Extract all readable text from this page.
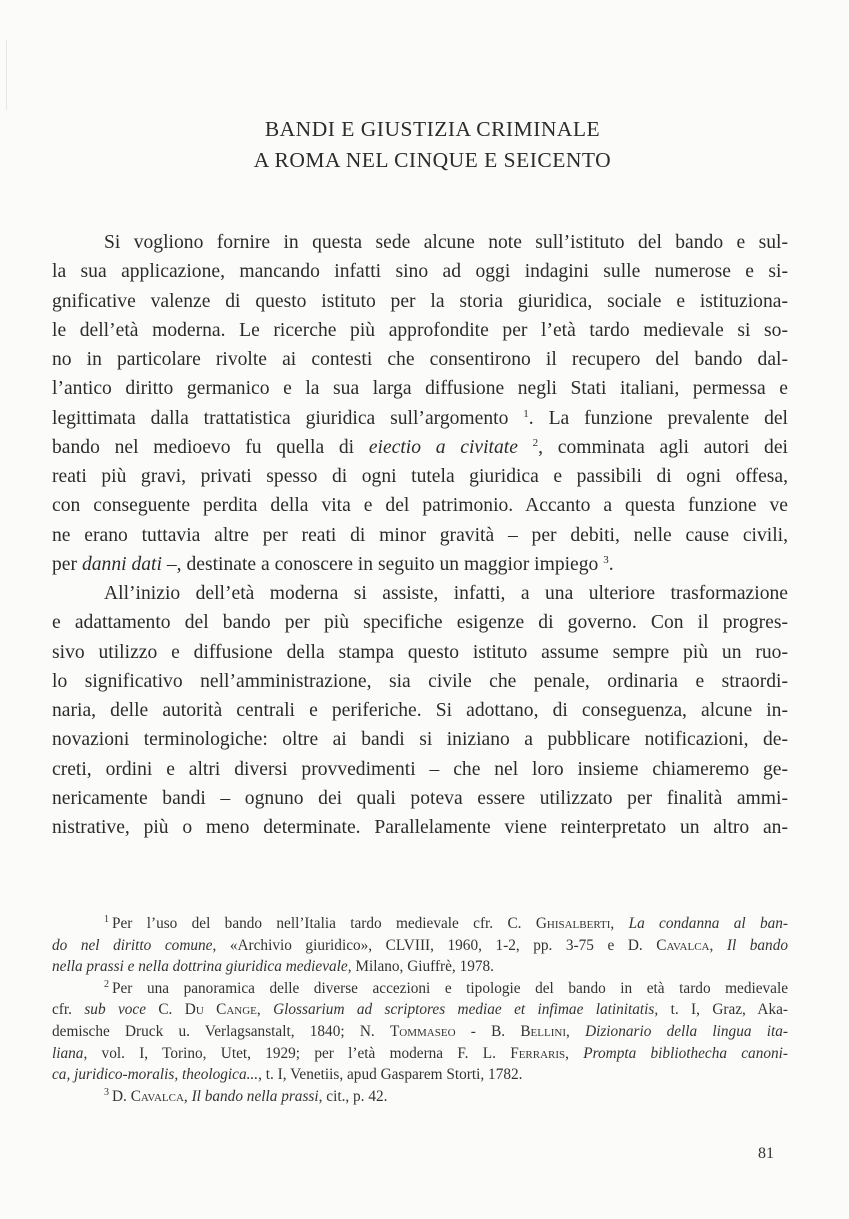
BANDI E GIUSTIZIA CRIMINALE
A ROMA NEL CINQUE E SEICENTO
Si vogliono fornire in questa sede alcune note sull’istituto del bando e sul-
la sua applicazione, mancando infatti sino ad oggi indagini sulle numerose e si-
gnificative valenze di questo istituto per la storia giuridica, sociale e istituziona-
le dell’età moderna. Le ricerche più approfondite per l’età tardo medievale si so-
no in particolare rivolte ai contesti che consentirono il recupero del bando dal-
l’antico diritto germanico e la sua larga diffusione negli Stati italiani, permessa e
legittimata dalla trattatistica giuridica sull’argomento $^1$. La funzione prevalente del
bando nel medioevo fu quella di eiectio a civitate $^2$, comminata agli autori dei
reati più gravi, privati spesso di ogni tutela giuridica e passibili di ogni offesa,
con conseguente perdita della vita e del patrimonio. Accanto a questa funzione ve
ne erano tuttavia altre per reati di minor gravità – per debiti, nelle cause civili,
per danni dati –, destinate a conoscere in seguito un maggior impiego $^3$.
All’inizio dell’età moderna si assiste, infatti, a una ulteriore trasformazione
e adattamento del bando per più specifiche esigenze di governo. Con il progres-
sivo utilizzo e diffusione della stampa questo istituto assume sempre più un ruo-
lo significativo nell’amministrazione, sia civile che penale, ordinaria e straordi-
naria, delle autorità centrali e periferiche. Si adottano, di conseguenza, alcune in-
novazioni terminologiche: oltre ai bandi si iniziano a pubblicare notificazioni, de-
creti, ordini e altri diversi provvedimenti – che nel loro insieme chiameremo ge-
nericamente bandi – ognuno dei quali poteva essere utilizzato per finalità ammi-
nistrative, più o meno determinate. Parallelamente viene reinterpretato un altro an-
$^1$ Per l’uso del bando nell’Italia tardo medievale cfr. C. Ghisalberti, La condanna al ban-
do nel diritto comune, «Archivio giuridico», CLVIII, 1960, 1-2, pp. 3-75 e D. Cavalca, Il bando
nella prassi e nella dottrina giuridica medievale, Milano, Giuffrè, 1978.
$^2$ Per una panoramica delle diverse accezioni e tipologie del bando in età tardo medievale
cfr. sub voce C. Du Cange, Glossarium ad scriptores mediae et infimae latinitatis, t. I, Graz, Aka-
demische Druck u. Verlagsanstalt, 1840; N. Tommaseo - B. Bellini, Dizionario della lingua ita-
liana, vol. I, Torino, Utet, 1929; per l’età moderna F. L. Ferraris, Prompta bibliothecha canoni-
ca, juridico-moralis, theologica..., t. I, Venetiis, apud Gasparem Storti, 1782.
$^3$ D. Cavalca, Il bando nella prassi, cit., p. 42.
81
